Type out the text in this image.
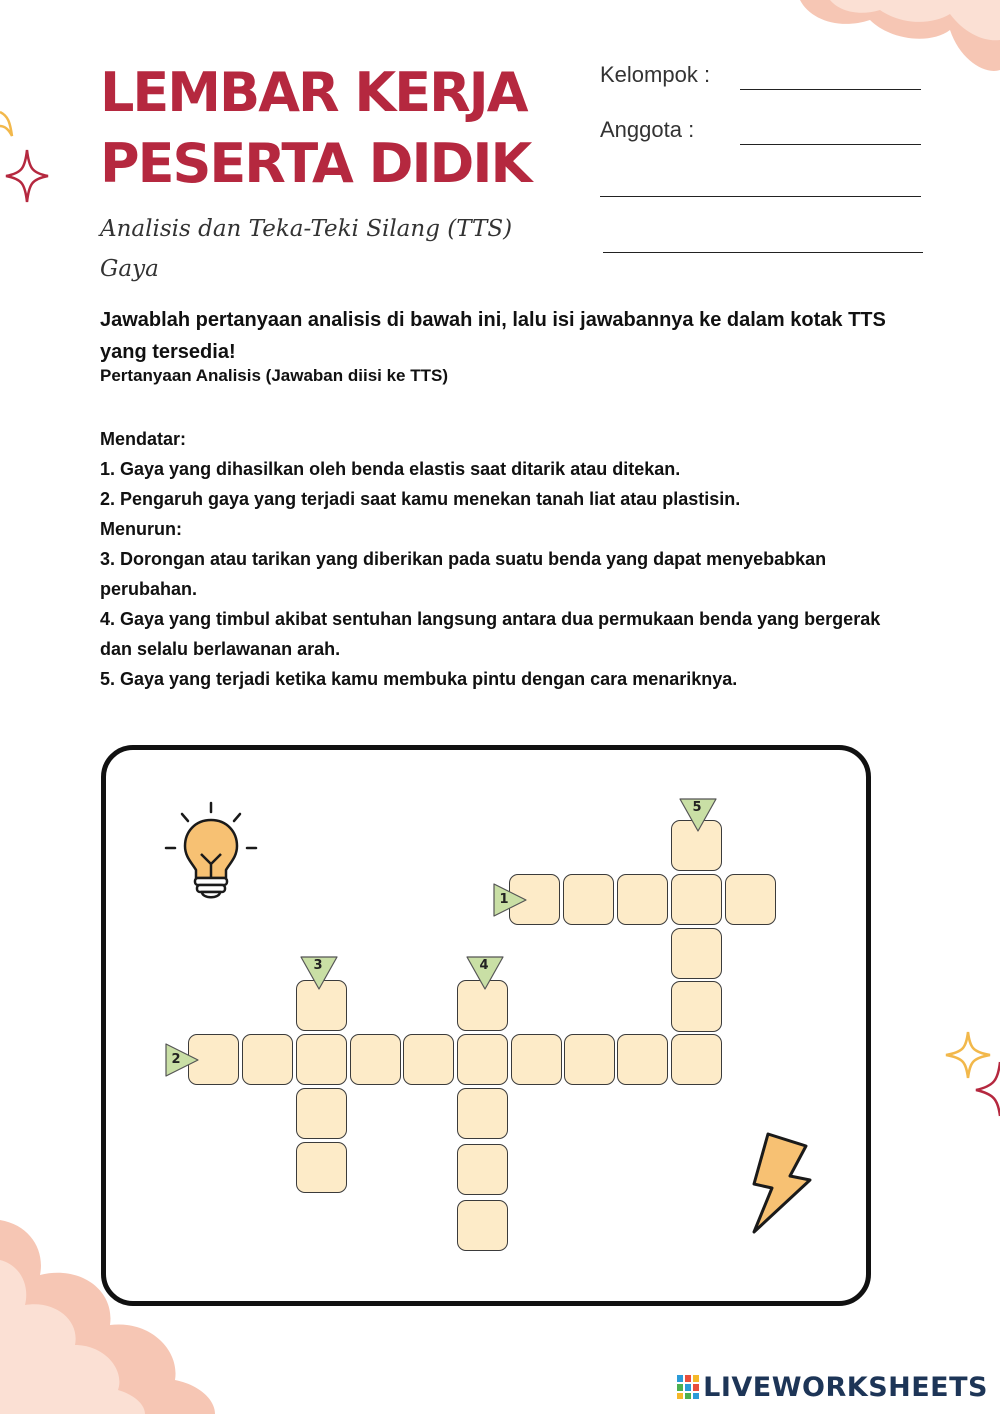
LEMBAR KERJA
PESERTA DIDIK
Analisis dan Teka-Teki Silang (TTS)
Gaya
Kelompok :
Anggota :
Jawablah pertanyaan analisis di bawah ini, lalu isi jawabannya ke dalam kotak TTS yang tersedia!
Pertanyaan Analisis (Jawaban diisi ke TTS)

Mendatar:

1. Gaya yang dihasilkan oleh benda elastis saat ditarik atau ditekan.

2. Pengaruh gaya yang terjadi saat kamu menekan tanah liat atau plastisin.

Menurun:

3. Dorongan atau tarikan yang diberikan pada suatu benda yang dapat menyebabkan perubahan.

4. Gaya yang timbul akibat sentuhan langsung antara dua permukaan benda yang bergerak dan selalu berlawanan arah.

5. Gaya yang terjadi ketika kamu membuka pintu dengan cara menariknya.

1
2
3	4
5
LIVEWORKSHEETS
